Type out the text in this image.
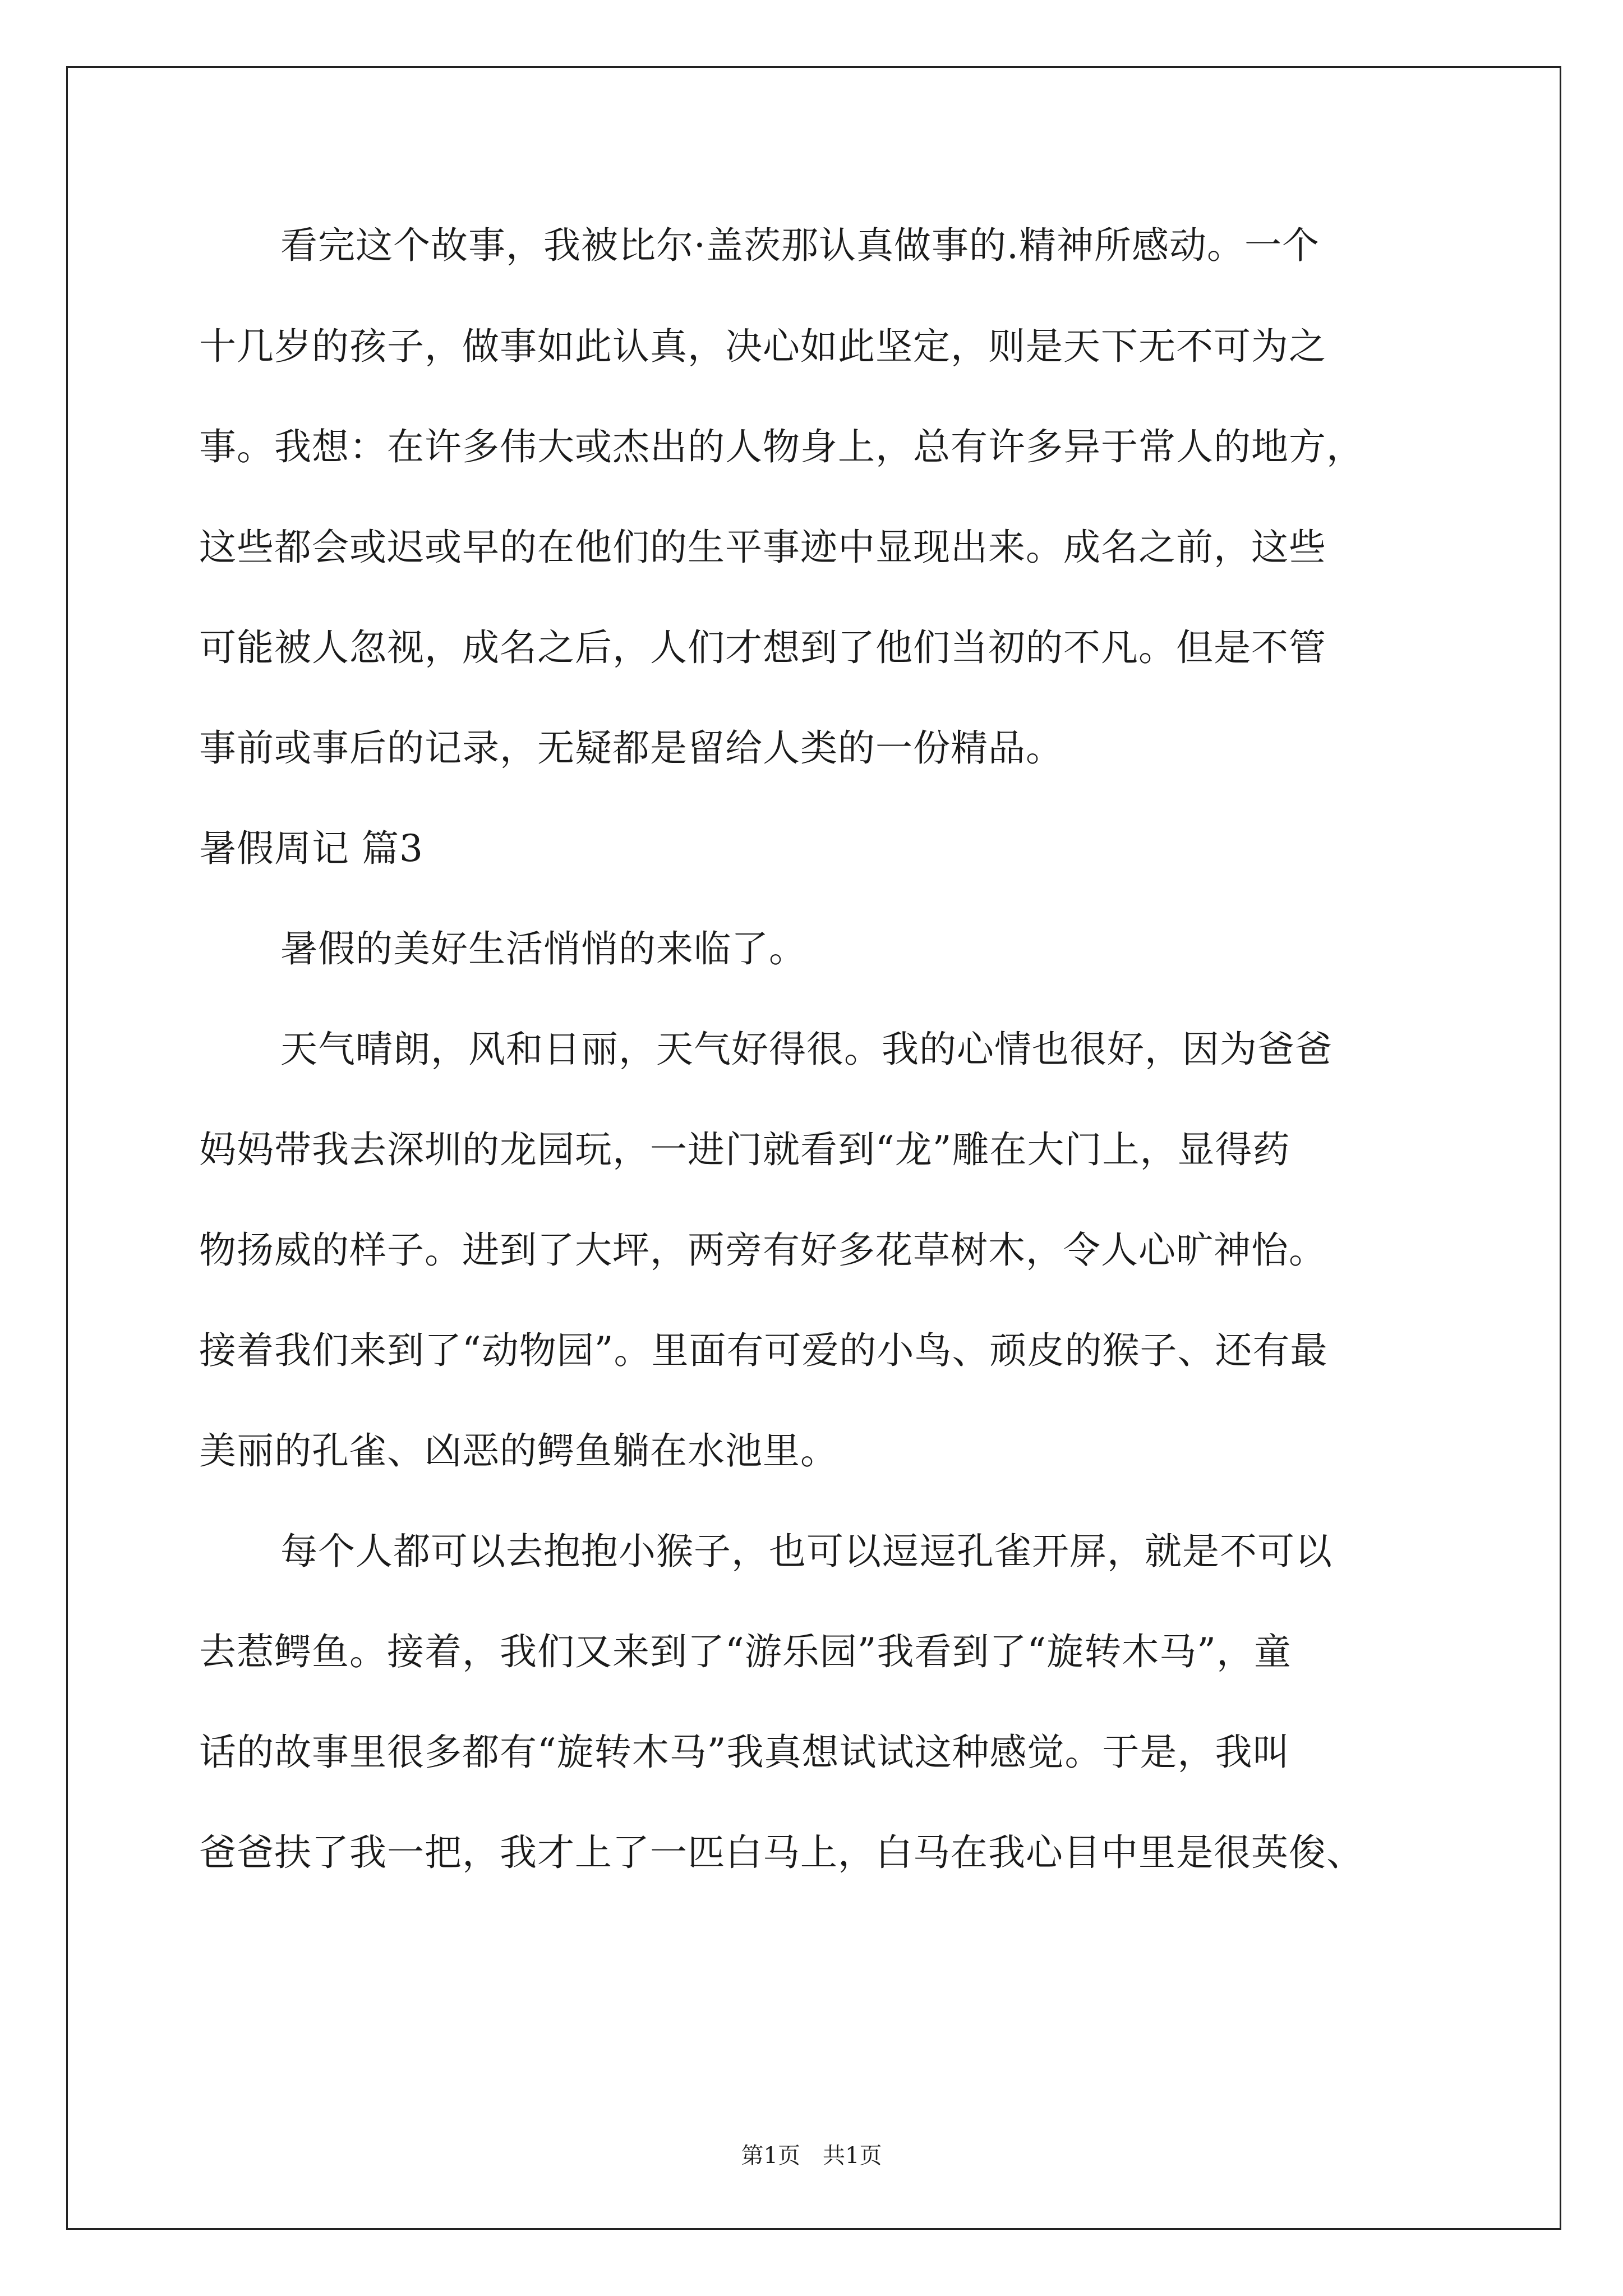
看完这个故事，我被比尔·盖茨那认真做事的.精神所感动。一个
十几岁的孩子，做事如此认真，决心如此坚定，则是天下无不可为之
事。我想：在许多伟大或杰出的人物身上，总有许多异于常人的地方，
这些都会或迟或早的在他们的生平事迹中显现出来。成名之前，这些
可能被人忽视，成名之后，人们才想到了他们当初的不凡。但是不管
事前或事后的记录，无疑都是留给人类的一份精品。
暑假周记 篇3
暑假的美好生活悄悄的来临了。
天气晴朗，风和日丽，天气好得很。我的心情也很好，因为爸爸
妈妈带我去深圳的龙园玩，一进门就看到“龙”雕在大门上，显得药
物扬威的样子。进到了大坪，两旁有好多花草树木，令人心旷神怡。
接着我们来到了“动物园”。里面有可爱的小鸟、顽皮的猴子、还有最
美丽的孔雀、凶恶的鳄鱼躺在水池里。
每个人都可以去抱抱小猴子，也可以逗逗孔雀开屏，就是不可以
去惹鳄鱼。接着，我们又来到了“游乐园”我看到了“旋转木马”，童
话的故事里很多都有“旋转木马”我真想试试这种感觉。于是，我叫
爸爸扶了我一把，我才上了一匹白马上，白马在我心目中里是很英俊、
第1页　共1页
